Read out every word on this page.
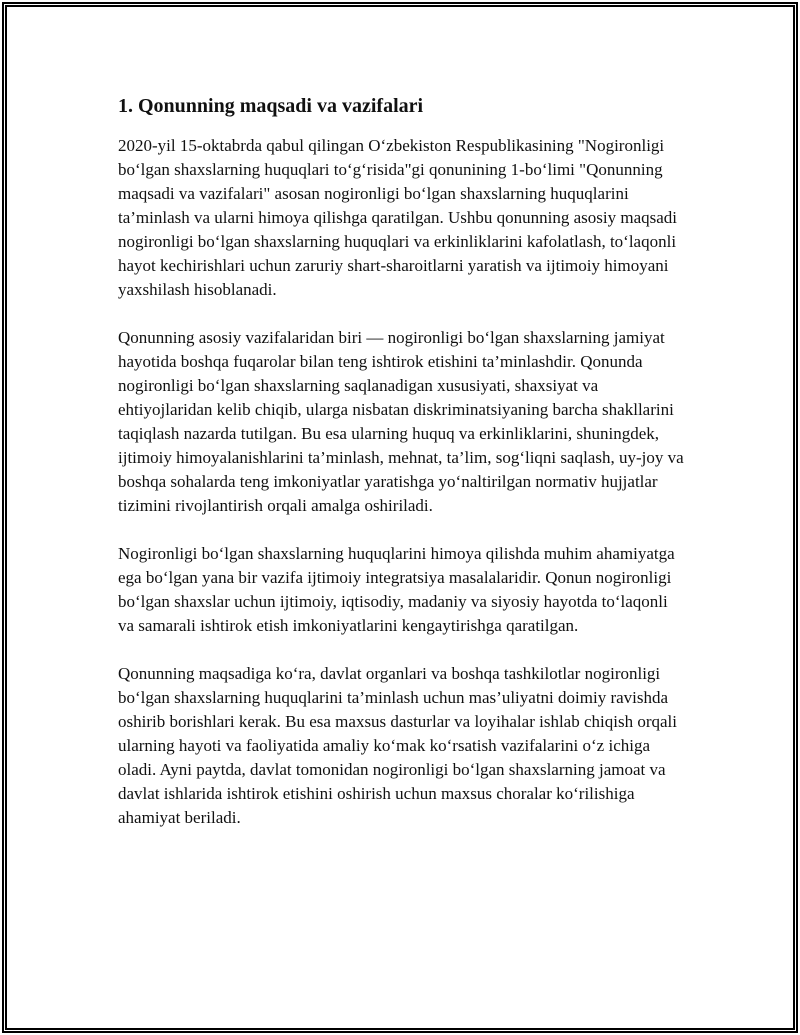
1. Qonunning maqsadi va vazifalari

2020-yil 15-oktabrda qabul qilingan O‘zbekiston Respublikasining "Nogironligi bo‘lgan shaxslarning huquqlari to‘g‘risida"gi qonunining 1-bo‘limi "Qonunning maqsadi va vazifalari" asosan nogironligi bo‘lgan shaxslarning huquqlarini ta’minlash va ularni himoya qilishga qaratilgan. Ushbu qonunning asosiy maqsadi nogironligi bo‘lgan shaxslarning huquqlari va erkinliklarini kafolatlash, to‘laqonli hayot kechirishlari uchun zaruriy shart-sharoitlarni yaratish va ijtimoiy himoyani yaxshilash hisoblanadi.

Qonunning asosiy vazifalaridan biri — nogironligi bo‘lgan shaxslarning jamiyat hayotida boshqa fuqarolar bilan teng ishtirok etishini ta’minlashdir. Qonunda nogironligi bo‘lgan shaxslarning saqlanadigan xususiyati, shaxsiyat va ehtiyojlaridan kelib chiqib, ularga nisbatan diskriminatsiyaning barcha shakllarini taqiqlash nazarda tutilgan. Bu esa ularning huquq va erkinliklarini, shuningdek, ijtimoiy himoyalanishlarini ta’minlash, mehnat, ta’lim, sog‘liqni saqlash, uy-joy va boshqa sohalarda teng imkoniyatlar yaratishga yo‘naltirilgan normativ hujjatlar tizimini rivojlantirish orqali amalga oshiriladi.

Nogironligi bo‘lgan shaxslarning huquqlarini himoya qilishda muhim ahamiyatga ega bo‘lgan yana bir vazifa ijtimoiy integratsiya masalalaridir. Qonun nogironligi bo‘lgan shaxslar uchun ijtimoiy, iqtisodiy, madaniy va siyosiy hayotda to‘laqonli va samarali ishtirok etish imkoniyatlarini kengaytirishga qaratilgan.

Qonunning maqsadiga ko‘ra, davlat organlari va boshqa tashkilotlar nogironligi bo‘lgan shaxslarning huquqlarini ta’minlash uchun mas’uliyatni doimiy ravishda oshirib borishlari kerak. Bu esa maxsus dasturlar va loyihalar ishlab chiqish orqali ularning hayoti va faoliyatida amaliy ko‘mak ko‘rsatish vazifalarini o‘z ichiga oladi. Ayni paytda, davlat tomonidan nogironligi bo‘lgan shaxslarning jamoat va davlat ishlarida ishtirok etishini oshirish uchun maxsus choralar ko‘rilishiga ahamiyat beriladi.
